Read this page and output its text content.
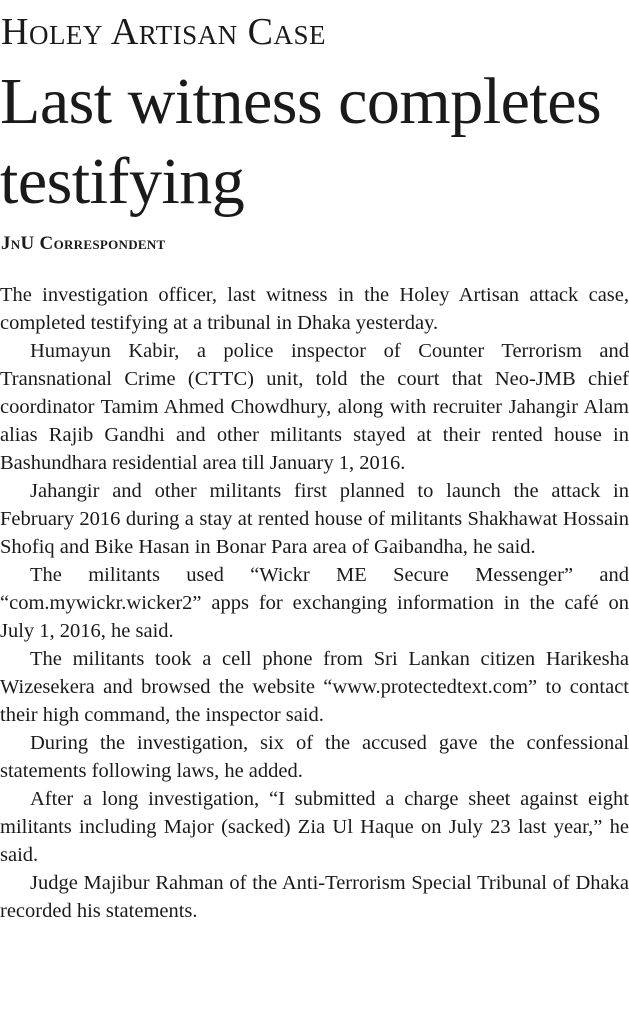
Holey Artisan Case
Last witness completes testifying
JnU Correspondent

The investigation officer, last witness in the Holey Artisan attack case, completed testifying at a tribunal in Dhaka yesterday.

Humayun Kabir, a police inspector of Counter Terrorism and Transnational Crime (CTTC) unit, told the court that Neo-JMB chief coordinator Tamim Ahmed Chowdhury, along with recruiter Jahangir Alam alias Rajib Gandhi and other militants stayed at their rented house in Bashundhara residential area till January 1, 2016.

Jahangir and other militants first planned to launch the attack in February 2016 during a stay at rented house of militants Shakhawat Hossain Shofiq and Bike Hasan in Bonar Para area of Gaibandha, he said.

The militants used “Wickr ME Secure Messenger” and “com.mywickr.wicker2” apps for exchanging information in the café on July 1, 2016, he said.

The militants took a cell phone from Sri Lankan citizen Harikesha Wizesekera and browsed the website “www.protectedtext.com” to contact their high command, the inspector said.

During the investigation, six of the accused gave the confessional statements following laws, he added.

After a long investigation, “I submitted a charge sheet against eight militants including Major (sacked) Zia Ul Haque on July 23 last year,” he said.

Judge Majibur Rahman of the Anti-Terrorism Special Tribunal of Dhaka recorded his statements.
